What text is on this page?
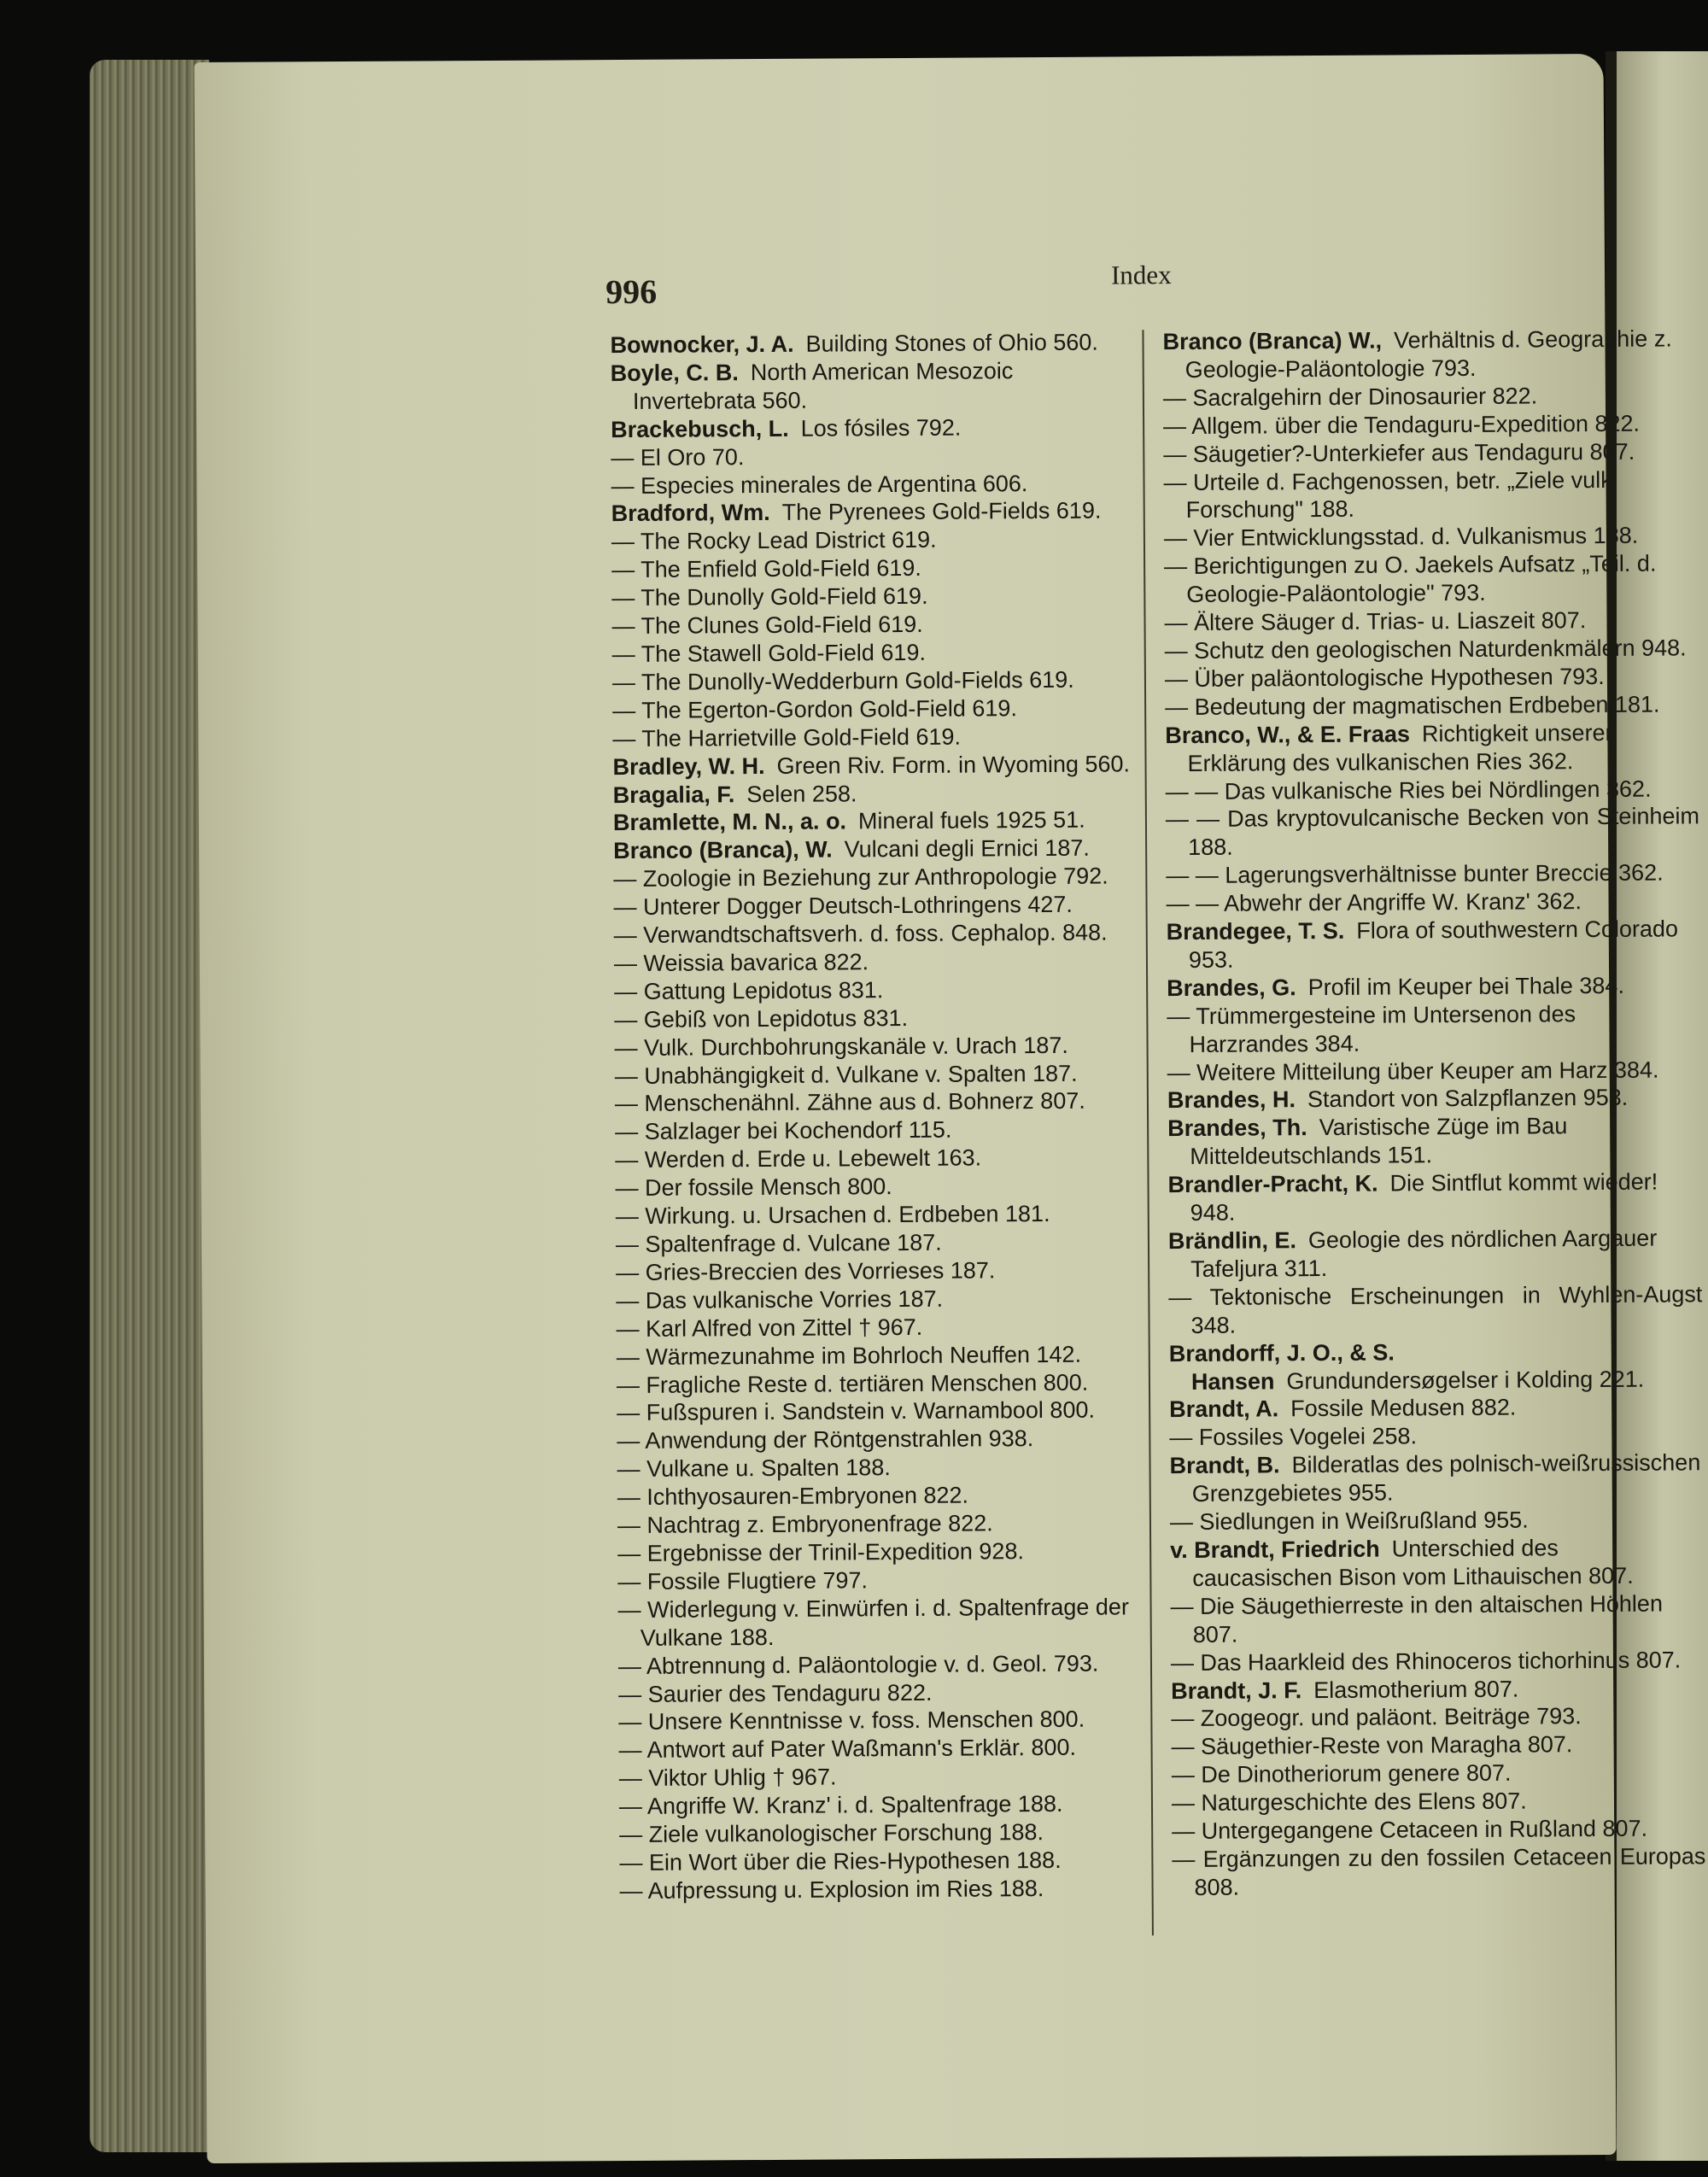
996	Index
Bownocker, J. A. Building Stones of Ohio 560.
Boyle, C. B. North American Mesozoic Invertebrata 560.
Brackebusch, L. Los fósiles 792.
— El Oro 70.
— Especies minerales de Argentina 606.
Bradford, Wm. The Pyrenees Gold-Fields 619.
— The Rocky Lead District 619.
— The Enfield Gold-Field 619.
— The Dunolly Gold-Field 619.
— The Clunes Gold-Field 619.
— The Stawell Gold-Field 619.
— The Dunolly-Wedderburn Gold-Fields 619.
— The Egerton-Gordon Gold-Field 619.
— The Harrietville Gold-Field 619.
Bradley, W. H. Green Riv. Form. in Wyoming 560.
Bragalia, F. Selen 258.
Bramlette, M. N., a. o. Mineral fuels 1925 51.
Branco (Branca), W. Vulcani degli Ernici 187.
— Zoologie in Beziehung zur Anthropologie 792.
— Unterer Dogger Deutsch-Lothringens 427.
— Verwandtschaftsverh. d. foss. Cephalop. 848.
— Weissia bavarica 822.
— Gattung Lepidotus 831.
— Gebiß von Lepidotus 831.
— Vulk. Durchbohrungskanäle v. Urach 187.
— Unabhängigkeit d. Vulkane v. Spalten 187.
— Menschenähnl. Zähne aus d. Bohnerz 807.
— Salzlager bei Kochendorf 115.
— Werden d. Erde u. Lebewelt 163.
— Der fossile Mensch 800.
— Wirkung. u. Ursachen d. Erdbeben 181.
— Spaltenfrage d. Vulcane 187.
— Gries-Breccien des Vorrieses 187.
— Das vulkanische Vorries 187.
— Karl Alfred von Zittel † 967.
— Wärmezunahme im Bohrloch Neuffen 142.
— Fragliche Reste d. tertiären Menschen 800.
— Fußspuren i. Sandstein v. Warnambool 800.
— Anwendung der Röntgenstrahlen 938.
— Vulkane u. Spalten 188.
— Ichthyosauren-Embryonen 822.
— Nachtrag z. Embryonenfrage 822.
— Ergebnisse der Trinil-Expedition 928.
— Fossile Flugtiere 797.
— Widerlegung v. Einwürfen i. d. Spaltenfrage der Vulkane 188.
— Abtrennung d. Paläontologie v. d. Geol. 793.
— Saurier des Tendaguru 822.
— Unsere Kenntnisse v. foss. Menschen 800.
— Antwort auf Pater Waßmann's Erklär. 800.
— Viktor Uhlig † 967.
— Angriffe W. Kranz' i. d. Spaltenfrage 188.
— Ziele vulkanologischer Forschung 188.
— Ein Wort über die Ries-Hypothesen 188.
— Aufpressung u. Explosion im Ries 188.
Branco (Branca) W., Verhältnis d. Geographie z. Geologie-Paläontologie 793.
— Sacralgehirn der Dinosaurier 822.
— Allgem. über die Tendaguru-Expedition 822.
— Säugetier?-Unterkiefer aus Tendaguru 807.
— Urteile d. Fachgenossen, betr. „Ziele vulk. Forschung" 188.
— Vier Entwicklungsstad. d. Vulkanismus 188.
— Berichtigungen zu O. Jaekels Aufsatz „Teil. d. Geologie-Paläontologie" 793.
— Ältere Säuger d. Trias- u. Liaszeit 807.
— Schutz den geologischen Naturdenkmälern 948.
— Über paläontologische Hypothesen 793.
— Bedeutung der magmatischen Erdbeben 181.
Branco, W., & E. Fraas Richtigkeit unserer Erklärung des vulkanischen Ries 362.
— — Das vulkanische Ries bei Nördlingen 362.
— — Das kryptovulcanische Becken von Steinheim 188.
— — Lagerungsverhältnisse bunter Breccie 362.
— — Abwehr der Angriffe W. Kranz' 362.
Brandegee, T. S. Flora of southwestern Colorado 953.
Brandes, G. Profil im Keuper bei Thale 384.
— Trümmergesteine im Untersenon des Harzrandes 384.
— Weitere Mitteilung über Keuper am Harz 384.
Brandes, H. Standort von Salzpflanzen 953.
Brandes, Th. Varistische Züge im Bau Mitteldeutschlands 151.
Brandler-Pracht, K. Die Sintflut kommt wieder! 948.
Brändlin, E. Geologie des nördlichen Aargauer Tafeljura 311.
— Tektonische Erscheinungen in Wyhlen-Augst 348.
Brandorff, J. O., & S. Hansen Grundundersøgelser i Kolding 221.
Brandt, A. Fossile Medusen 882.
— Fossiles Vogelei 258.
Brandt, B. Bilderatlas des polnisch-weißrussischen Grenzgebietes 955.
— Siedlungen in Weißrußland 955.
v. Brandt, Friedrich Unterschied des caucasischen Bison vom Lithauischen 807.
— Die Säugethierreste in den altaischen Höhlen 807.
— Das Haarkleid des Rhinoceros tichorhinus 807.
Brandt, J. F. Elasmotherium 807.
— Zoogeogr. und paläont. Beiträge 793.
— Säugethier-Reste von Maragha 807.
— De Dinotheriorum genere 807.
— Naturgeschichte des Elens 807.
— Untergegangene Cetaceen in Rußland 807.
— Ergänzungen zu den fossilen Cetaceen Europas 808.
